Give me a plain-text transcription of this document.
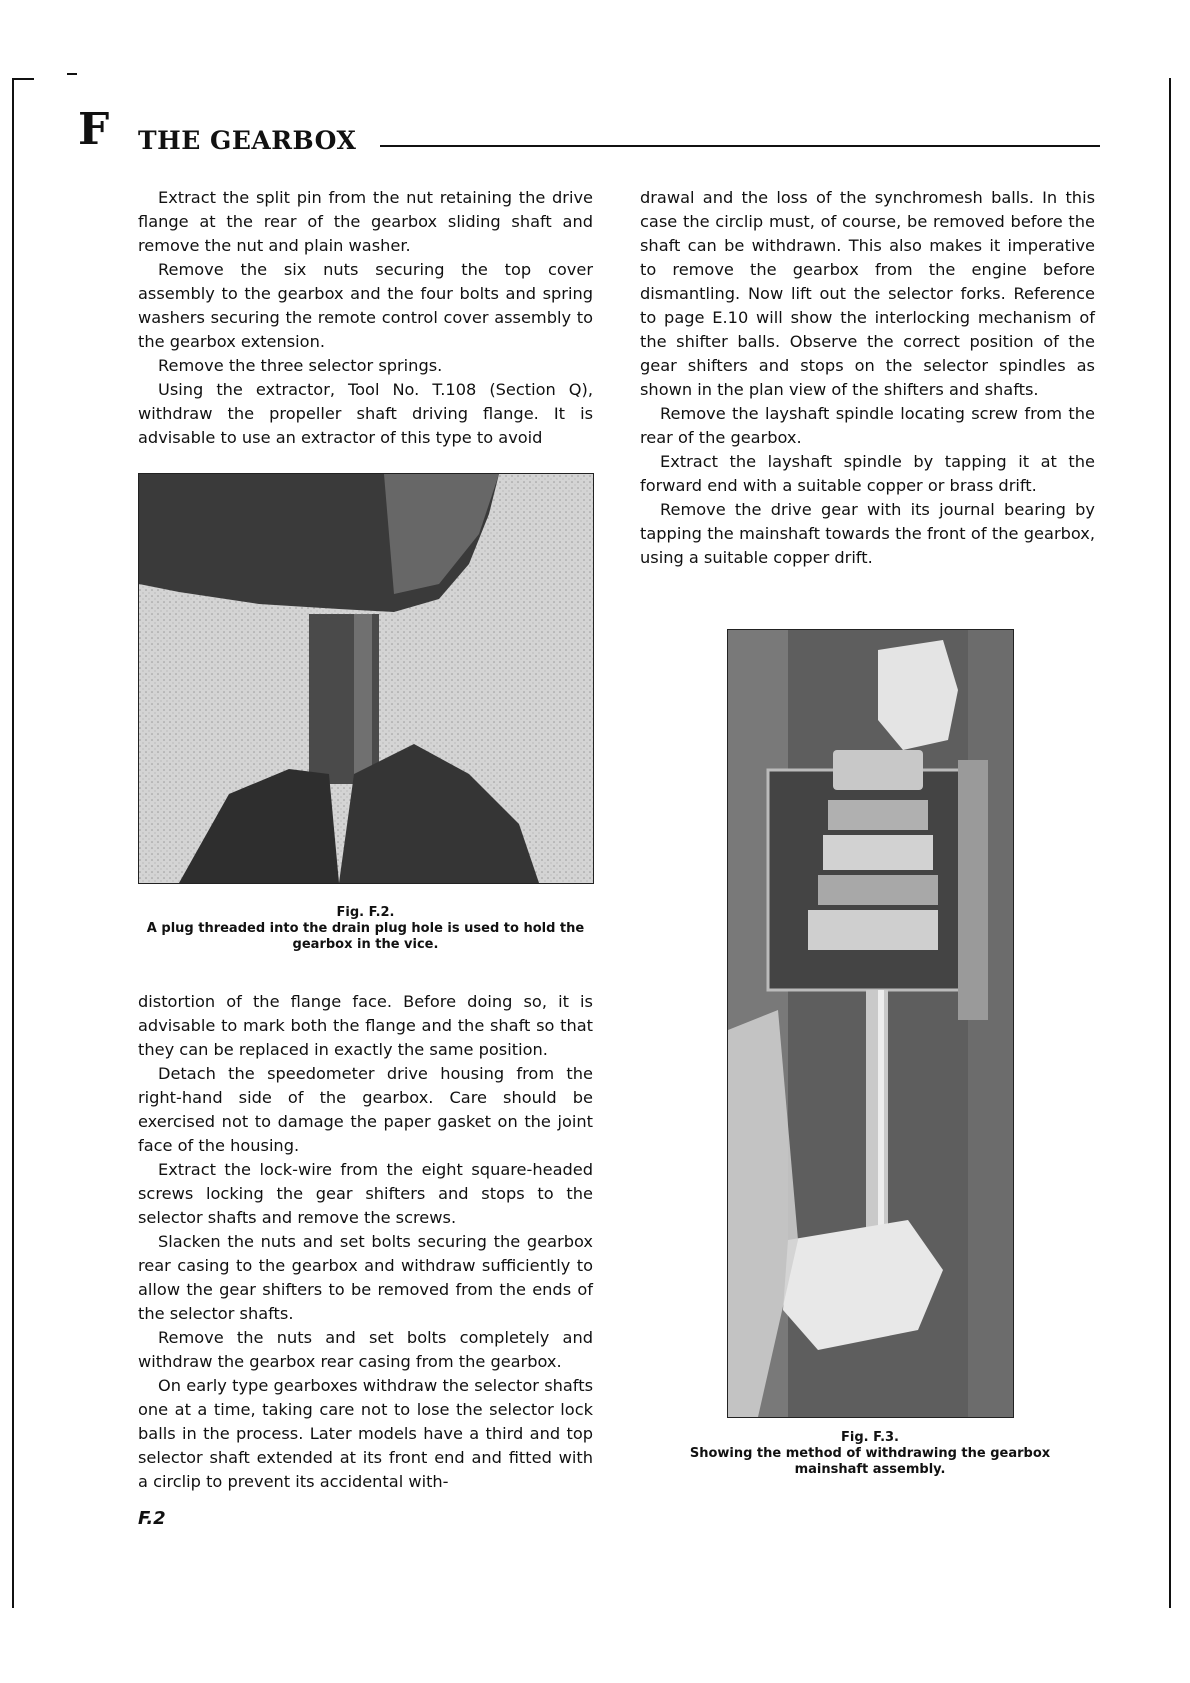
F THE GEARBOX

Extract the split pin from the nut retaining the drive flange at the rear of the gearbox sliding shaft and remove the nut and plain washer.

Remove the six nuts securing the top cover assembly to the gearbox and the four bolts and spring washers securing the remote control cover assembly to the gearbox extension.

Remove the three selector springs.

Using the extractor, Tool No. T.108 (Section Q), withdraw the propeller shaft driving flange. It is advisable to use an extractor of this type to avoid

Fig. F.2.
A plug threaded into the drain plug hole is used to hold the gearbox in the vice.

distortion of the flange face. Before doing so, it is advisable to mark both the flange and the shaft so that they can be replaced in exactly the same position.

Detach the speedometer drive housing from the right-hand side of the gearbox. Care should be exercised not to damage the paper gasket on the joint face of the housing.

Extract the lock-wire from the eight square-headed screws locking the gear shifters and stops to the selector shafts and remove the screws.

Slacken the nuts and set bolts securing the gearbox rear casing to the gearbox and withdraw sufficiently to allow the gear shifters to be removed from the ends of the selector shafts.

Remove the nuts and set bolts completely and withdraw the gearbox rear casing from the gearbox.

On early type gearboxes withdraw the selector shafts one at a time, taking care not to lose the selector lock balls in the process. Later models have a third and top selector shaft extended at its front end and fitted with a circlip to prevent its accidental with-

drawal and the loss of the synchromesh balls. In this case the circlip must, of course, be removed before the shaft can be withdrawn. This also makes it imperative to remove the gearbox from the engine before dismantling. Now lift out the selector forks. Reference to page E.10 will show the interlocking mechanism of the shifter balls. Observe the correct position of the gear shifters and stops on the selector spindles as shown in the plan view of the shifters and shafts.

Remove the layshaft spindle locating screw from the rear of the gearbox.

Extract the layshaft spindle by tapping it at the forward end with a suitable copper or brass drift.

Remove the drive gear with its journal bearing by tapping the mainshaft towards the front of the gearbox, using a suitable copper drift.

Fig. F.3.
Showing the method of withdrawing the gearbox mainshaft assembly.
F.2
